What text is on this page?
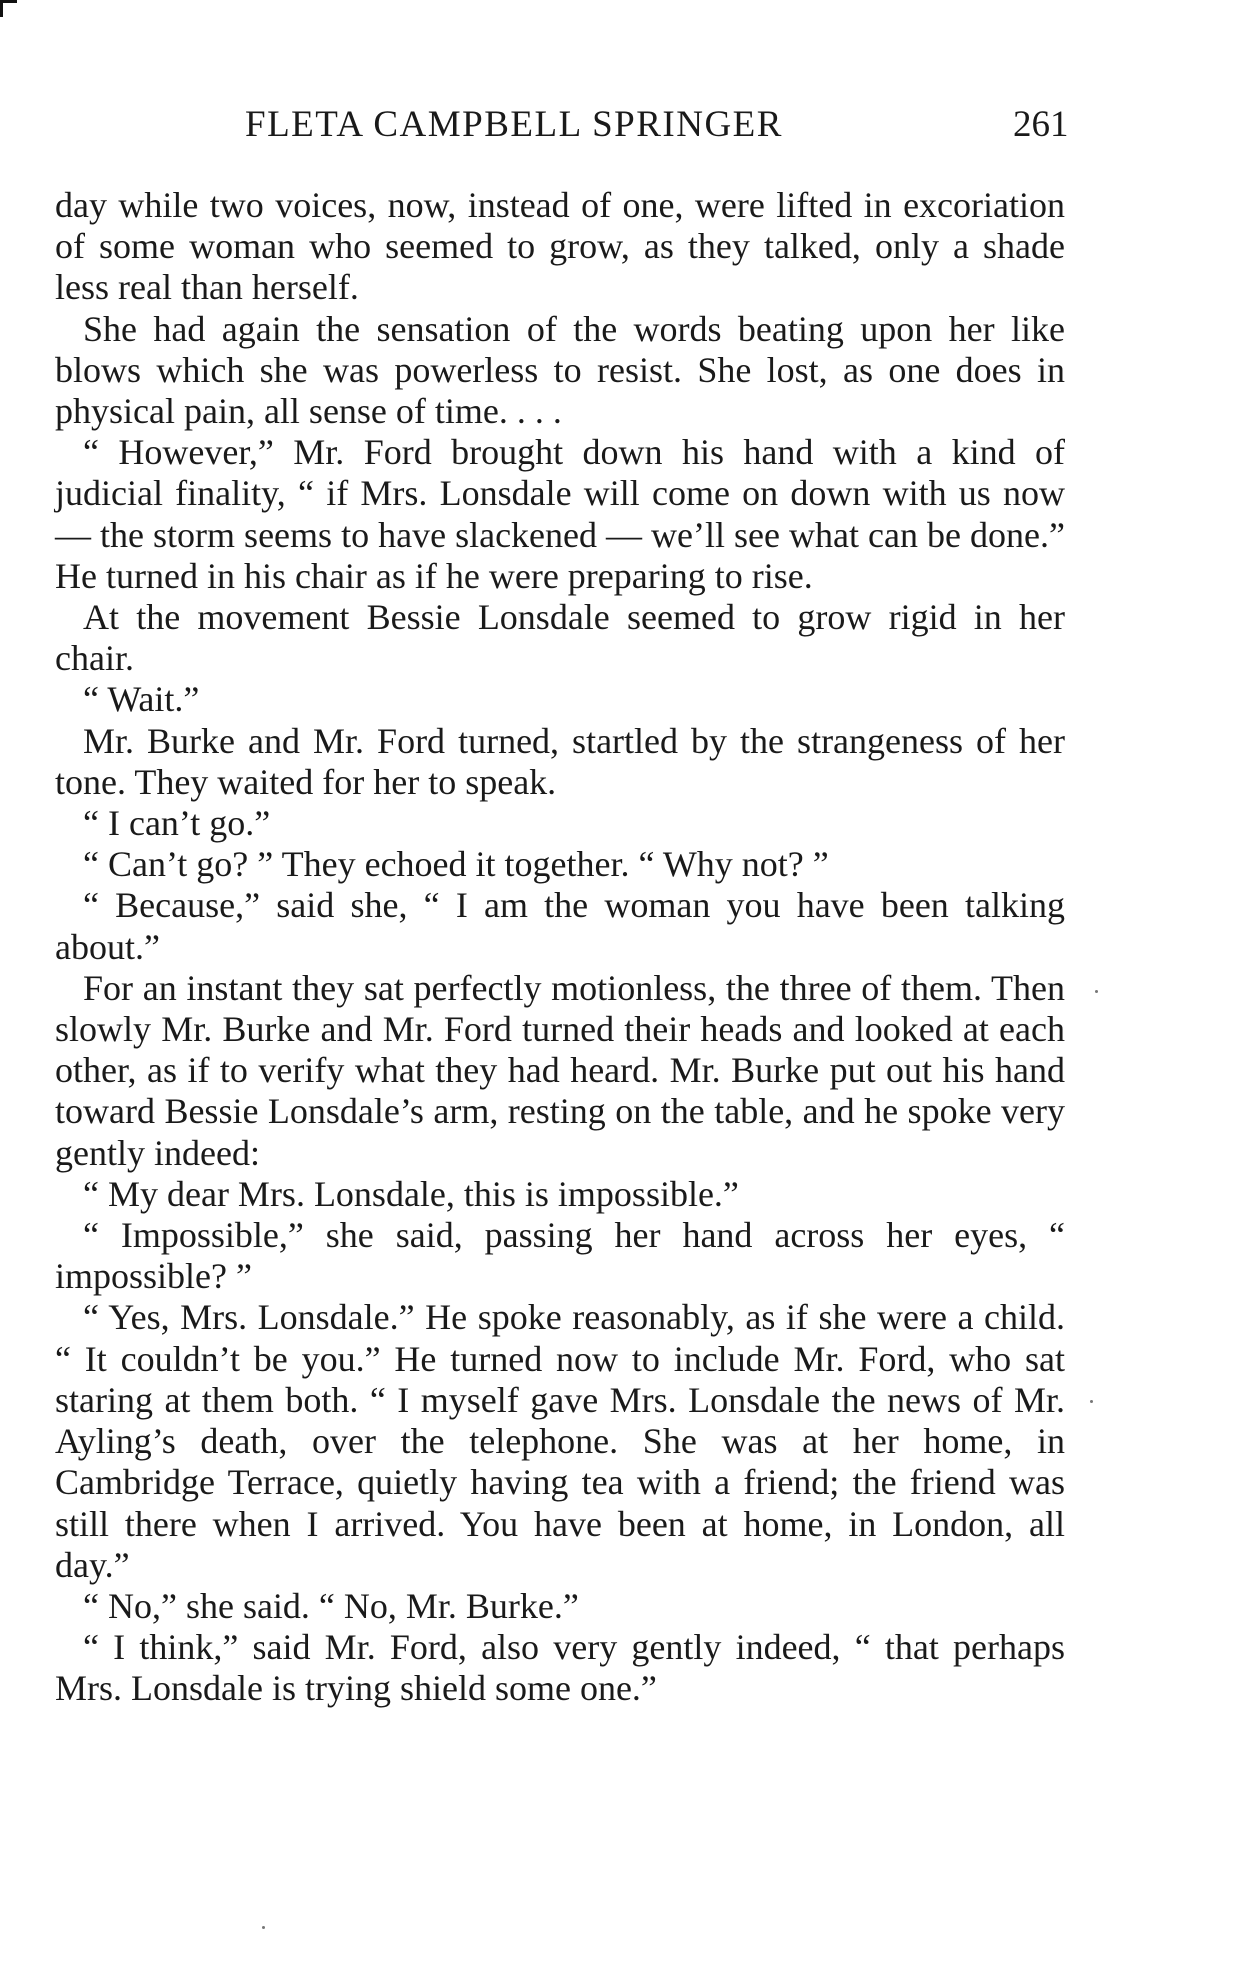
FLETA CAMPBELL SPRINGER	261

day while two voices, now, instead of one, were lifted in excoriation of some woman who seemed to grow, as they talked, only a shade less real than herself.

She had again the sensation of the words beating upon her like blows which she was powerless to resist. She lost, as one does in physical pain, all sense of time. . . .

“ However,” Mr. Ford brought down his hand with a kind of judicial finality, “ if Mrs. Lonsdale will come on down with us now — the storm seems to have slackened — we’ll see what can be done.” He turned in his chair as if he were preparing to rise.

At the movement Bessie Lonsdale seemed to grow rigid in her chair.

“ Wait.”

Mr. Burke and Mr. Ford turned, startled by the strangeness of her tone. They waited for her to speak.

“ I can’t go.”

“ Can’t go? ” They echoed it together. “ Why not? ”

“ Because,” said she, “ I am the woman you have been talking about.”

For an instant they sat perfectly motionless, the three of them. Then slowly Mr. Burke and Mr. Ford turned their heads and looked at each other, as if to verify what they had heard. Mr. Burke put out his hand toward Bessie Lonsdale’s arm, resting on the table, and he spoke very gently indeed:

“ My dear Mrs. Lonsdale, this is impossible.”

“ Impossible,” she said, passing her hand across her eyes, “ impossible? ”

“ Yes, Mrs. Lonsdale.” He spoke reasonably, as if she were a child. “ It couldn’t be you.” He turned now to include Mr. Ford, who sat staring at them both. “ I myself gave Mrs. Lonsdale the news of Mr. Ayling’s death, over the telephone. She was at her home, in Cambridge Terrace, quietly having tea with a friend; the friend was still there when I arrived. You have been at home, in London, all day.”

“ No,” she said. “ No, Mr. Burke.”

“ I think,” said Mr. Ford, also very gently indeed, “ that perhaps Mrs. Lonsdale is trying shield some one.”
